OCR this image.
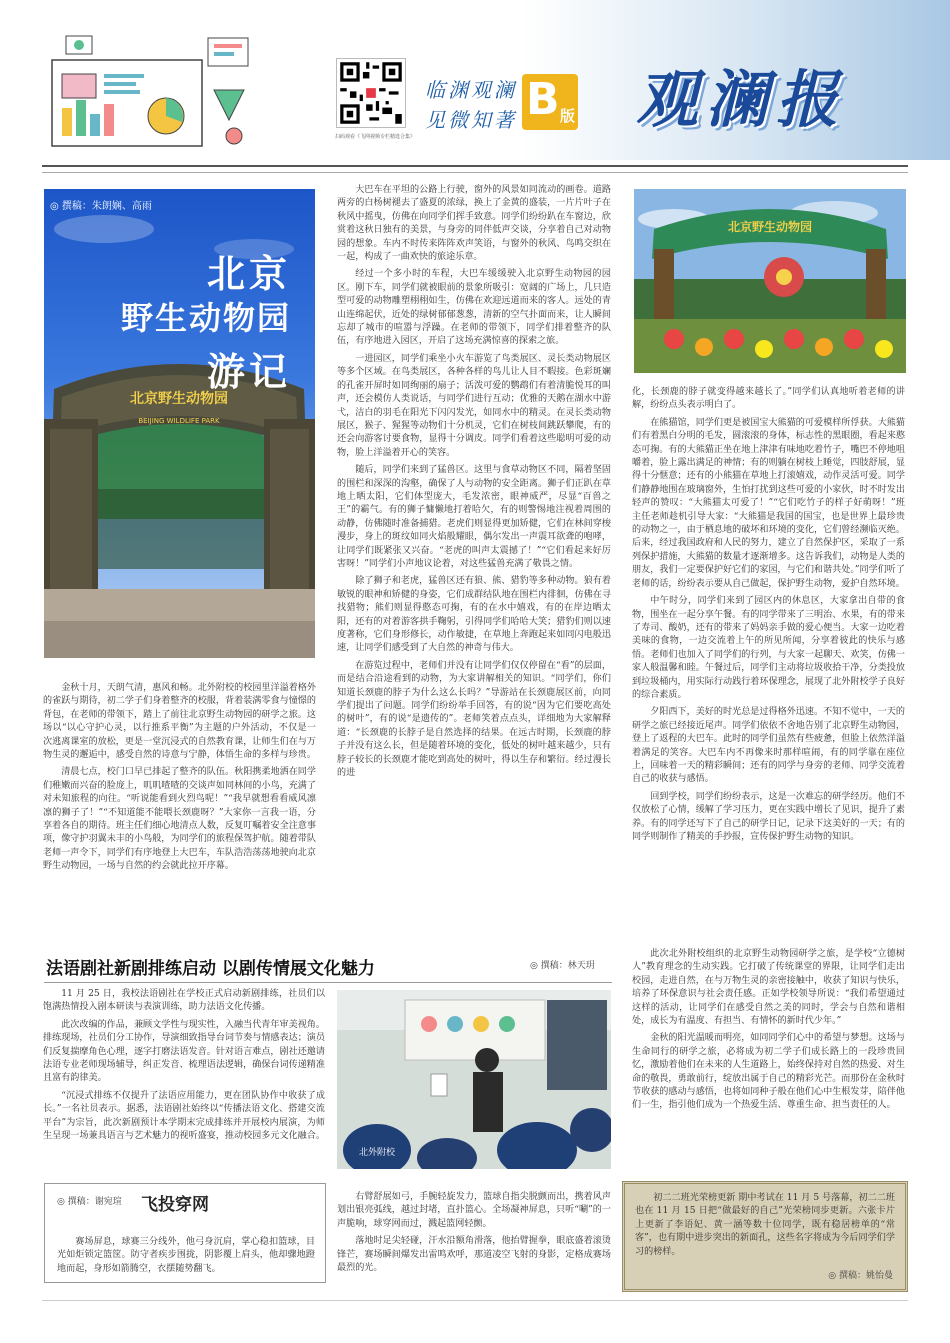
扫码观看《飞网视频专栏精选合集》
临渊观澜
见微知著 B 版 观澜报
北京野生动物园
BEIJING WILDLIFE PARK
◎ 撰稿：朱朗娴、高雨
北京
野生动物园
游记

金秋十月，天朗气清，惠风和畅。北外附校的校园里洋溢着格外的雀跃与期待，初二学子们身着整齐的校服，背着装满零食与憧憬的背包，在老师的带领下，踏上了前往北京野生动物园的研学之旅。这场以“以心守护心灵，以行推系平衡”为主题的户外活动，不仅是一次逃离课室的放松，更是一堂沉浸式的自然教育课，让师生们在与万物生灵的邂逅中，感受自然的诗意与宁静，体悟生命的多样与珍贵。

清晨七点，校门口早已排起了整齐的队伍。秋阳携柔地洒在同学们稚嫩而兴奋的脸庞上，叽叽喳喳的交谈声如同林间的小鸟，充满了对未知旅程的向往。“听说能看到火烈鸟呢！”“我早就想看看威风凛凛的狮子了！”“不知道能不能喂长颈鹿呀？”大家你一言我一语，分享着各自的期待。班主任们细心地清点人数，反复叮嘱着安全注意事项，像守护羽翼未丰的小鸟般，为同学们的旅程保驾护航。随着带队老师一声令下，同学们有序地登上大巴车，车队浩浩荡荡地驶向北京野生动物园，一场与自然的约会就此拉开序幕。

大巴车在平坦的公路上行驶，窗外的风景如同流动的画卷。道路两旁的白杨树褪去了盛夏的浓绿，换上了金黄的盛装，一片片叶子在秋风中摇曳，仿佛在向同学们挥手致意。同学们纷纷趴在车窗边，欣赏着这秋日独有的美景，与身旁的同伴低声交谈，分享着自己对动物园的想象。车内不时传来阵阵欢声笑语，与窗外的秋风、鸟鸣交织在一起，构成了一曲欢快的旅途乐章。

经过一个多小时的车程，大巴车缓缓驶入北京野生动物园的园区。刚下车，同学们就被眼前的景象所吸引：宽阔的广场上，几只造型可爱的动物雕塑栩栩如生，仿佛在欢迎远道而来的客人。远处的青山连绵起伏，近处的绿树郁郁葱葱，清新的空气扑面而来，让人瞬间忘却了城市的喧嚣与浮躁。在老师的带领下，同学们排着整齐的队伍，有序地进入园区，开启了这场充满惊喜的探索之旅。

一进园区，同学们乘坐小火车游览了鸟类展区、灵长类动物展区等多个区域。在鸟类展区，各种各样的鸟儿让人目不暇接。色彩斑斓的孔雀开屏时如同绚丽的扇子；活泼可爱的鹦鹉们有着清脆悦耳的叫声，还会模仿人类说话，与同学们进行互动；优雅的天鹅在湖水中游弋，洁白的羽毛在阳光下闪闪发光，如同水中的精灵。在灵长类动物展区，猴子、猩猩等动物们十分机灵，它们在树枝间跳跃攀爬，有的还会向游客讨要食物，显得十分调皮。同学们看着这些聪明可爱的动物，脸上洋溢着开心的笑容。

随后，同学们来到了猛兽区。这里与食草动物区不同，隔着坚固的围栏和深深的沟壑，确保了人与动物的安全距离。狮子们正趴在草地上晒太阳，它们体型庞大，毛发浓密，眼神威严，尽显“百兽之王”的霸气。有的狮子慵懒地打着哈欠，有的则警惕地注视着周围的动静，仿佛随时准备捕猎。老虎们则显得更加矫健，它们在林间穿梭漫步，身上的斑纹如同火焰般耀眼，偶尔发出一声震耳欲聋的咆哮，让同学们既紧张又兴奋。“老虎的叫声太震撼了！”“它们看起来好厉害呀！”同学们小声地议论着，对这些猛兽充满了敬畏之情。

除了狮子和老虎，猛兽区还有狼、熊、猎豹等多种动物。狼有着敏锐的眼神和矫健的身姿，它们成群结队地在围栏内徘徊，仿佛在寻找猎物；熊们则显得憨态可掬，有的在水中嬉戏，有的在岸边晒太阳，还有的对着游客拱手鞠躬，引得同学们哈哈大笑；猎豹们则以速度著称，它们身形修长，动作敏捷，在草地上奔跑起来如同闪电般迅速，让同学们感受到了大自然的神奇与伟大。

在游览过程中，老师们并没有让同学们仅仅停留在“看”的层面，而是结合沿途看到的动物，为大家讲解相关的知识。“同学们，你们知道长颈鹿的脖子为什么这么长吗？”导游站在长颈鹿展区前，向同学们提出了问题。同学们纷纷举手回答，有的说“因为它们要吃高处的树叶”，有的说“是遗传的”。老师笑着点点头，详细地为大家解释道：“长颈鹿的长脖子是自然选择的结果。在远古时期，长颈鹿的脖子并没有这么长，但是随着环境的变化，低处的树叶越来越少，只有脖子较长的长颈鹿才能吃到高处的树叶，得以生存和繁衍。经过漫长的进

北京野生动物园

化，长颈鹿的脖子就变得越来越长了。”同学们认真地听着老师的讲解，纷纷点头表示明白了。

在熊猫馆，同学们更是被国宝大熊猫的可爱模样所俘获。大熊猫们有着黑白分明的毛发，圆滚滚的身体，标志性的黑眼圈，看起来憨态可掬。有的大熊猫正坐在地上津津有味地吃着竹子，嘴巴不停地咀嚼着，脸上露出满足的神情；有的则躺在树枝上睡觉，四肢舒展，显得十分惬意；还有的小熊猫在草地上打滚嬉戏，动作灵活可爱。同学们静静地围在玻璃窗外，生怕打扰到这些可爱的小家伙，时不时发出轻声的赞叹：“大熊猫太可爱了！”“它们吃竹子的样子好萌呀！”班主任老师趁机引导大家：“大熊猫是我国的国宝，也是世界上最珍贵的动物之一，由于栖息地的破坏和环境的变化，它们曾经濒临灭绝。后来，经过我国政府和人民的努力，建立了自然保护区，采取了一系列保护措施，大熊猫的数量才逐渐增多。这告诉我们，动物是人类的朋友，我们一定要保护好它们的家园，与它们和谐共处。”同学们听了老师的话，纷纷表示要从自己做起，保护野生动物，爱护自然环境。

中午时分，同学们来到了园区内的休息区，大家拿出自带的食物，围坐在一起分享午餐。有的同学带来了三明治、水果，有的带来了寿司、酸奶，还有的带来了妈妈亲手做的爱心便当。大家一边吃着美味的食物，一边交流着上午的所见所闻，分享着彼此的快乐与感悟。老师们也加入了同学们的行列，与大家一起聊天、欢笑，仿佛一家人般温馨和睦。午餐过后，同学们主动将垃圾收拾干净，分类投放到垃圾桶内，用实际行动践行着环保理念，展现了北外附校学子良好的综合素质。

夕阳西下，美好的时光总是过得格外迅速。不知不觉中，一天的研学之旅已经接近尾声。同学们依依不舍地告别了北京野生动物园，登上了返程的大巴车。此时的同学们虽然有些疲惫，但脸上依然洋溢着满足的笑容。大巴车内不再像来时那样喧闹，有的同学靠在座位上，回味着一天的精彩瞬间；还有的同学与身旁的老师、同学交流着自己的收获与感悟。

回到学校，同学们纷纷表示，这是一次难忘的研学经历。他们不仅放松了心情，缓解了学习压力，更在实践中增长了见识，提升了素养。有的同学还写下了自己的研学日记，记录下这美好的一天；有的同学则制作了精美的手抄报，宣传保护野生动物的知识。

此次北外附校组织的北京野生动物园研学之旅，是学校“立德树人”教育理念的生动实践。它打破了传统课堂的界限，让同学们走出校园，走进自然，在与万物生灵的亲密接触中，收获了知识与快乐，培养了环保意识与社会责任感。正如学校领导所说：“我们希望通过这样的活动，让同学们在感受自然之美的同时，学会与自然和谐相处，成长为有温度、有担当、有情怀的新时代少年。”

金秋的阳光温暖而明亮，如同同学们心中的希望与梦想。这场与生命同行的研学之旅，必将成为初二学子们成长路上的一段珍贵回忆，激励着他们在未来的人生道路上，始终保持对自然的热爱、对生命的敬畏，勇敢前行，绽放出属于自己的精彩光芒。而那份在金秋时节收获的感动与感悟，也将如同种子般在他们心中生根发芽，陪伴他们一生，指引他们成为一个热爱生活、尊重生命、担当责任的人。

法语剧社新剧排练启动 以剧传情展文化魅力	◎ 撰稿：林天玥

11 月 25 日，我校法语剧社在学校正式启动新剧排练，社员们以饱满热情投入剧本研读与表演训练，助力法语文化传播。

此次改编的作品，兼顾文学性与现实性，入融当代青年审美视角。排练现场，社员们分工协作，导演细致指导台词节奏与情感表达；演员们反复揣摩角色心理，逐字打磨法语发音。针对语言难点，剧社还邀请法语专业老师现场辅导，纠正发音、梳理语法逻辑，确保台词传递精准且富有韵律美。

“沉浸式排练不仅提升了法语应用能力，更在团队协作中收获了成长。”一名社员表示。据悉，法语剧社始终以“传播法语文化、搭建交流平台”为宗旨，此次新剧预计本学期末完成排练并开展校内展演，为师生呈现一场兼具语言与艺术魅力的视听盛宴，推动校园多元文化融合。

北外附校
◎ 撰稿：谢宛瑄 飞投穿网

赛场屏息，球赛三分线外，他弓身沉肩，掌心稳扣篮球，目光如炬锁定篮筐。防守者疾步围拢，阴影覆上肩头，他却骤地蹬地而起，身形如箭腾空，衣摆随势翻飞。

右臂舒展如弓，手腕轻旋发力，篮球自指尖脱颤而出，携着风声划出银亮弧线，越过封堵，直扑篮心。全场凝神屏息，只听“唰”的一声脆响，球穿网而过，溅起篮网轻颤。

落地时足尖轻碰，汗水沿额角滑落，他抬臂握拳，眼底盛着滚烫锋芒，赛场瞬间爆发出雷鸣欢呼，那道凌空飞射的身影，定格成赛场最烈的光。

初二二班光荣榜更新 期中考试在 11 月 5 号落幕，初二二班也在 11 月 15 日把“做最好的自己”光荣榜同步更新。六张卡片上更新了李语妃、黄一涵等数十位同学，既有稳居榜单的“常客”，也有期中进步突出的新面孔，这些名字将成为今后同学们学习的榜样。

◎ 撰稿：姚怡曼
